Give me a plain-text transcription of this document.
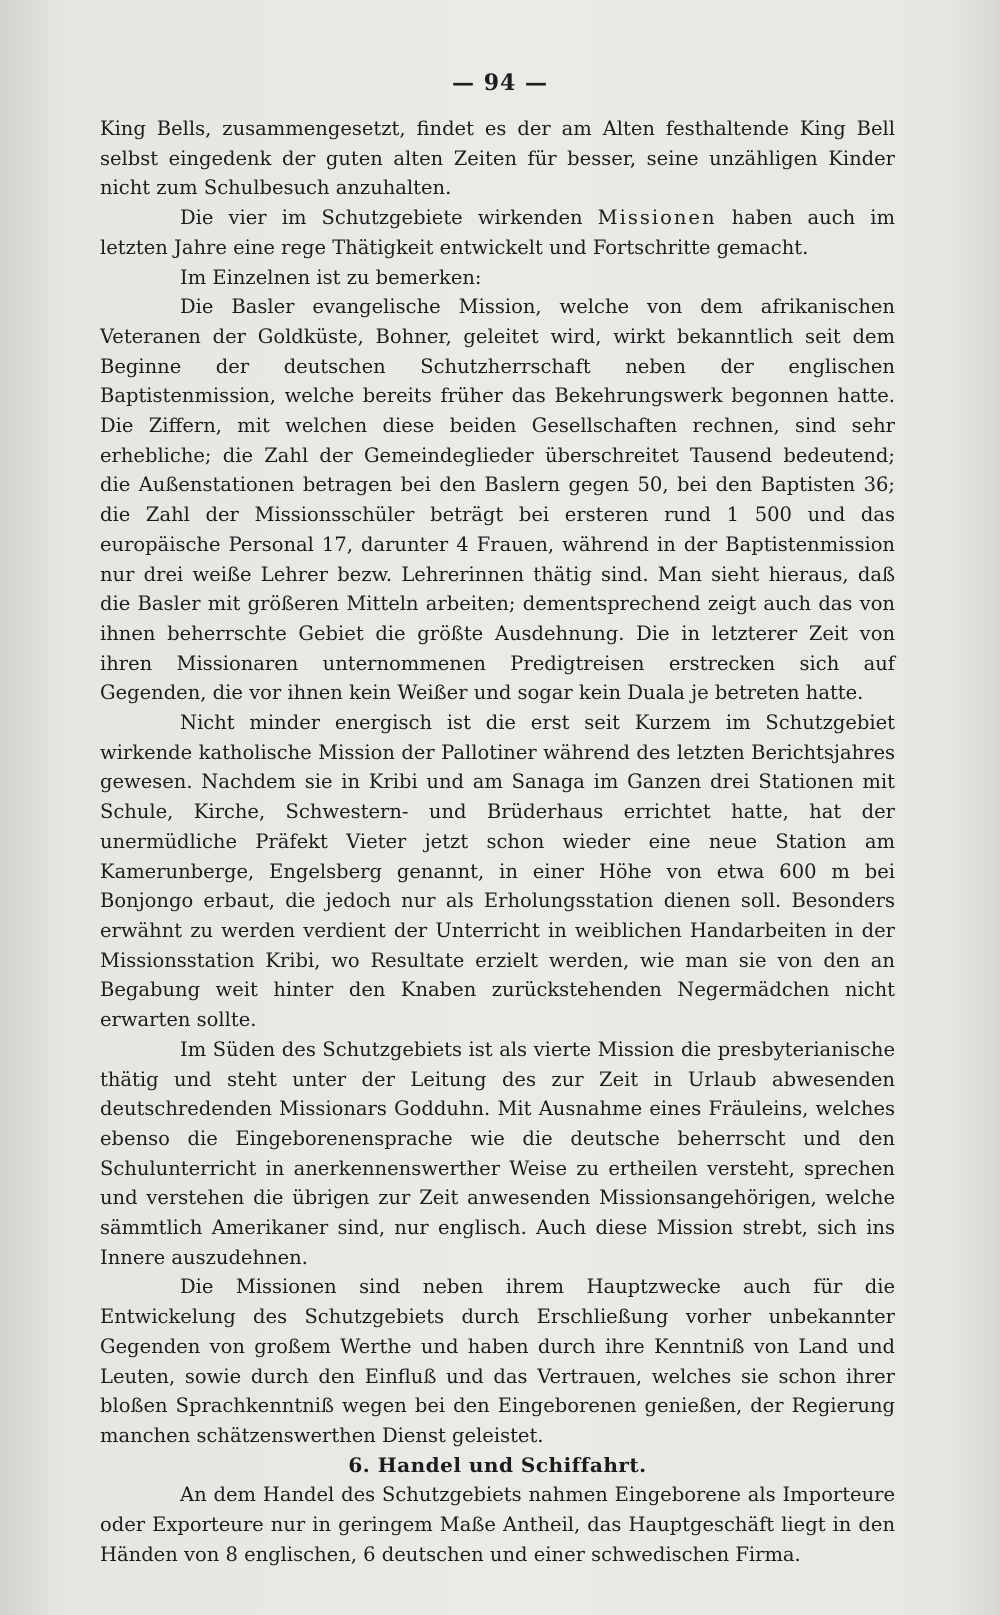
— 94 —

King Bells, zusammengesetzt, findet es der am Alten festhaltende King Bell selbst eingedenk der guten alten Zeiten für besser, seine unzähligen Kinder nicht zum Schulbesuch anzuhalten.

Die vier im Schutzgebiete wirkenden Missionen haben auch im letzten Jahre eine rege Thätigkeit entwickelt und Fortschritte gemacht.

Im Einzelnen ist zu bemerken:

Die Basler evangelische Mission, welche von dem afrikanischen Veteranen der Goldküste, Bohner, geleitet wird, wirkt bekanntlich seit dem Beginne der deutschen Schutzherrschaft neben der englischen Baptistenmission, welche bereits früher das Bekehrungswerk begonnen hatte. Die Ziffern, mit welchen diese beiden Gesellschaften rechnen, sind sehr erhebliche; die Zahl der Gemeindeglieder überschreitet Tausend bedeutend; die Außenstationen betragen bei den Baslern gegen 50, bei den Baptisten 36; die Zahl der Missionsschüler beträgt bei ersteren rund 1 500 und das europäische Personal 17, darunter 4 Frauen, während in der Baptistenmission nur drei weiße Lehrer bezw. Lehrerinnen thätig sind. Man sieht hieraus, daß die Basler mit größeren Mitteln arbeiten; dementsprechend zeigt auch das von ihnen beherrschte Gebiet die größte Ausdehnung. Die in letzterer Zeit von ihren Missionaren unternommenen Predigtreisen erstrecken sich auf Gegenden, die vor ihnen kein Weißer und sogar kein Duala je betreten hatte.

Nicht minder energisch ist die erst seit Kurzem im Schutzgebiet wirkende katholische Mission der Pallotiner während des letzten Berichtsjahres gewesen. Nachdem sie in Kribi und am Sanaga im Ganzen drei Stationen mit Schule, Kirche, Schwestern- und Brüderhaus errichtet hatte, hat der unermüdliche Präfekt Vieter jetzt schon wieder eine neue Station am Kamerunberge, Engelsberg genannt, in einer Höhe von etwa 600 m bei Bonjongo erbaut, die jedoch nur als Erholungsstation dienen soll. Besonders erwähnt zu werden verdient der Unterricht in weiblichen Handarbeiten in der Missionsstation Kribi, wo Resultate erzielt werden, wie man sie von den an Begabung weit hinter den Knaben zurückstehenden Negermädchen nicht erwarten sollte.

Im Süden des Schutzgebiets ist als vierte Mission die presbyterianische thätig und steht unter der Leitung des zur Zeit in Urlaub abwesenden deutschredenden Missionars Godduhn. Mit Ausnahme eines Fräuleins, welches ebenso die Eingeborenensprache wie die deutsche beherrscht und den Schulunterricht in anerkennenswerther Weise zu ertheilen versteht, sprechen und verstehen die übrigen zur Zeit anwesenden Missionsangehörigen, welche sämmtlich Amerikaner sind, nur englisch. Auch diese Mission strebt, sich ins Innere auszudehnen.

Die Missionen sind neben ihrem Hauptzwecke auch für die Entwickelung des Schutzgebiets durch Erschließung vorher unbekannter Gegenden von großem Werthe und haben durch ihre Kenntniß von Land und Leuten, sowie durch den Einfluß und das Vertrauen, welches sie schon ihrer bloßen Sprachkenntniß wegen bei den Eingeborenen genießen, der Regierung manchen schätzenswerthen Dienst geleistet.

6. Handel und Schiffahrt.

An dem Handel des Schutzgebiets nahmen Eingeborene als Importeure oder Exporteure nur in geringem Maße Antheil, das Hauptgeschäft liegt in den Händen von 8 englischen, 6 deutschen und einer schwedischen Firma.
